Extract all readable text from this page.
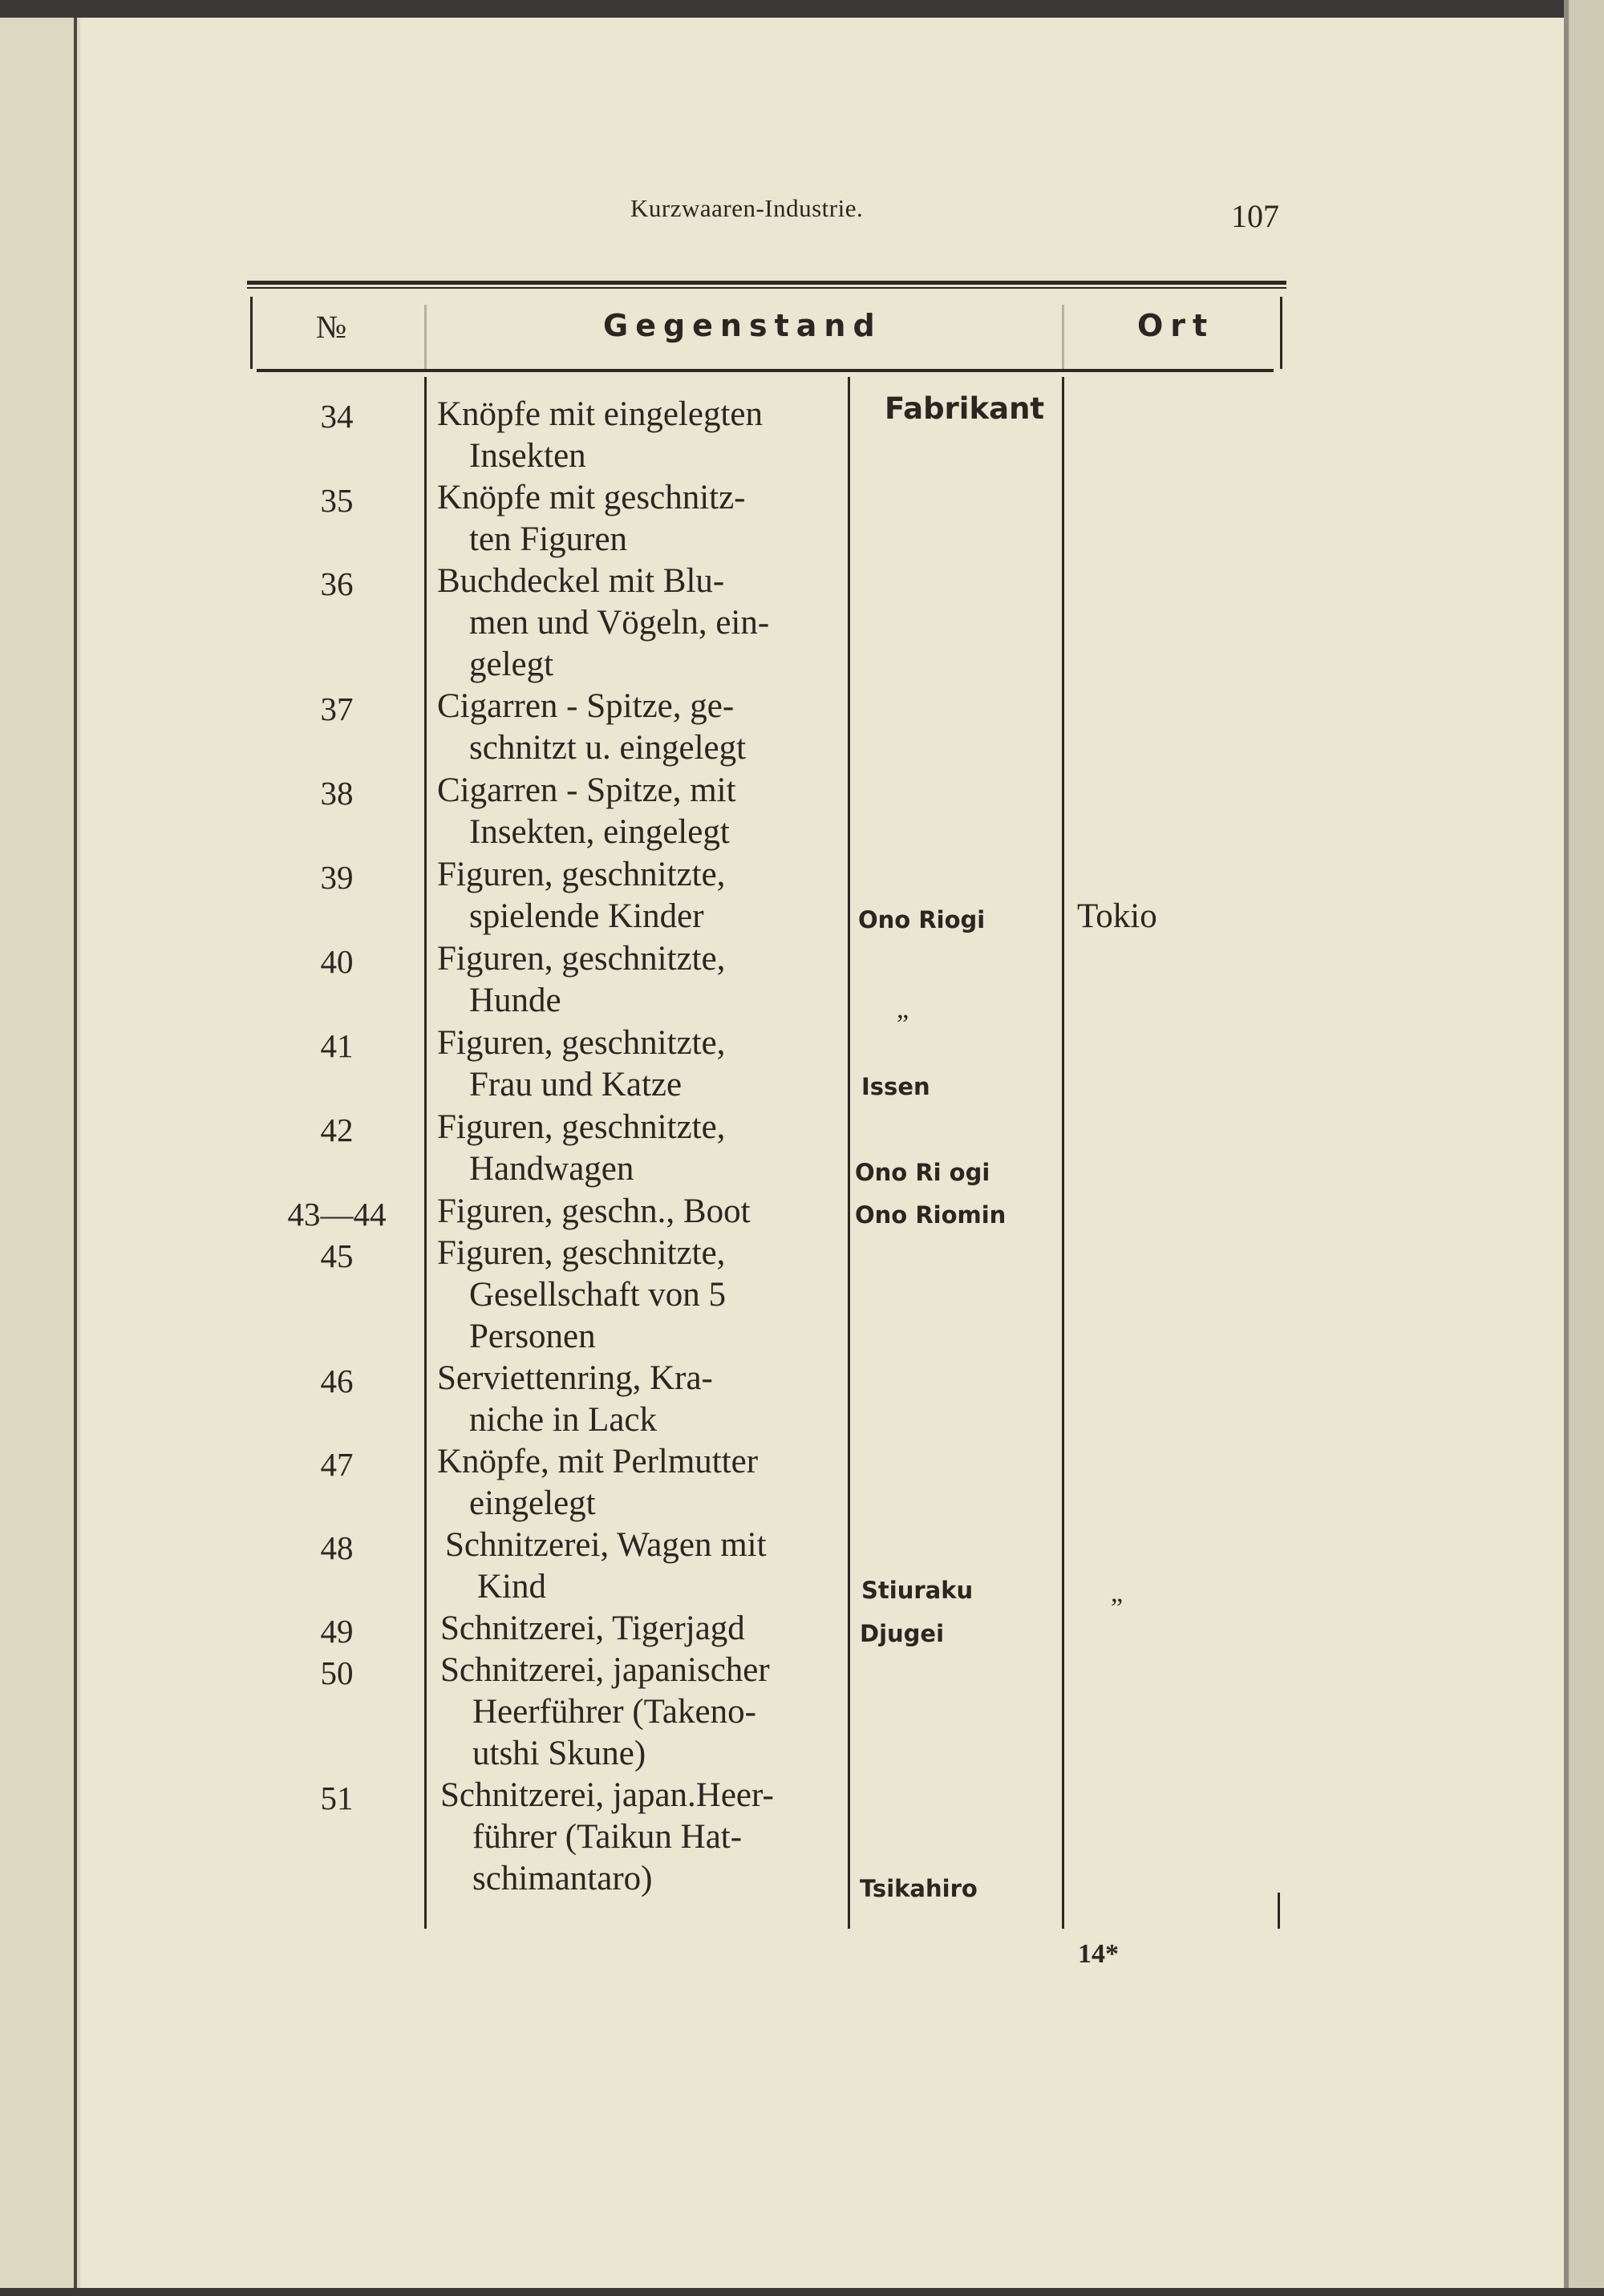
Kurzwaaren-Industrie.	107
№	Gegenstand	Ort
Fabrikant
34	Knöpfe mit eingelegten
Insekten
35	Knöpfe mit geschnitz-
ten Figuren
36	Buchdeckel mit Blu-
men und Vögeln, ein-
gelegt
37	Cigarren - Spitze, ge-
schnitzt u. eingelegt
38	Cigarren - Spitze, mit
Insekten, eingelegt
39	Figuren, geschnitzte,
spielende Kinder	Ono Riogi	Tokio
40	Figuren, geschnitzte,
Hunde	„
41	Figuren, geschnitzte,
Frau und Katze	Issen
42	Figuren, geschnitzte,
Handwagen	Ono Ri ogi
43—44	Figuren, geschn., Boot	Ono Riomin
45	Figuren, geschnitzte,
Gesellschaft von 5
Personen
46	Serviettenring, Kra-
niche in Lack
47	Knöpfe, mit Perlmutter
eingelegt
48	Schnitzerei, Wagen mit
Kind	Stiuraku	„
49	Schnitzerei, Tigerjagd	Djugei
50	Schnitzerei, japanischer
Heerführer (Takeno-
utshi Skune)
51	Schnitzerei, japan.Heer-
führer (Taikun Hat-
schimantaro)	Tsikahiro
14*
